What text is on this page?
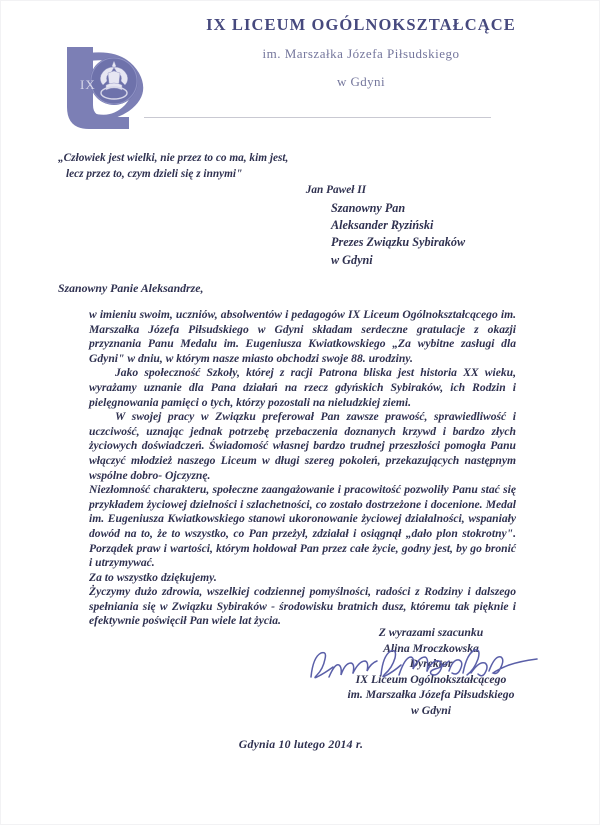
IX
IX LICEUM OGÓLNOKSZTAŁCĄCE
im. Marszałka Józefa Piłsudskiego
w Gdyni
„Człowiek jest wielki, nie przez to co ma, kim jest,
lecz przez to, czym dzieli się z innymi"
Jan Paweł II
Szanowny Pan
Aleksander Ryziński
Prezes Związku Sybiraków
w Gdyni
Szanowny Panie Aleksandrze,

w imieniu swoim, uczniów, absolwentów i pedagogów IX Liceum Ogólnokształcącego im. Marszałka Józefa Piłsudskiego w Gdyni składam serdeczne gratulacje z okazji przyznania Panu Medalu im. Eugeniusza Kwiatkowskiego „Za wybitne zasługi dla Gdyni" w dniu, w którym nasze miasto obchodzi swoje 88. urodziny.

Jako społeczność Szkoły, której z racji Patrona bliska jest historia XX wieku, wyrażamy uznanie dla Pana działań na rzecz gdyńskich Sybiraków, ich Rodzin i pielęgnowania pamięci o tych, którzy pozostali na nieludzkiej ziemi.

W swojej pracy w Związku preferował Pan zawsze prawość, sprawiedliwość i uczciwość, uznając jednak potrzebę przebaczenia doznanych krzywd i bardzo złych życiowych doświadczeń. Świadomość własnej bardzo trudnej przeszłości pomogła Panu włączyć młodzież naszego Liceum w długi szereg pokoleń, przekazujących następnym wspólne dobro- Ojczyznę.

Niezłomność charakteru, społeczne zaangażowanie i pracowitość pozwoliły Panu stać się przykładem życiowej dzielności i szlachetności, co zostało dostrzeżone i docenione. Medal im. Eugeniusza Kwiatkowskiego stanowi ukoronowanie życiowej działalności, wspaniały dowód na to, że to wszystko, co Pan przeżył, zdziałał i osiągnął „dało plon stokrotny". Porządek praw i wartości, którym hołdował Pan przez całe życie, godny jest, by go bronić i utrzymywać.

Za to wszystko dziękujemy.

Życzymy dużo zdrowia, wszelkiej codziennej pomyślności, radości z Rodziny i dalszego spełniania się w Związku Sybiraków - środowisku bratnich dusz, któremu tak pięknie i efektywnie poświęcił Pan wiele lat życia.

Z wyrazami szacunku
Alina Mroczkowska
Dyrektor
IX Liceum Ogólnokształcącego
im. Marszałka Józefa Piłsudskiego
w Gdyni
Gdynia 10 lutego 2014 r.
